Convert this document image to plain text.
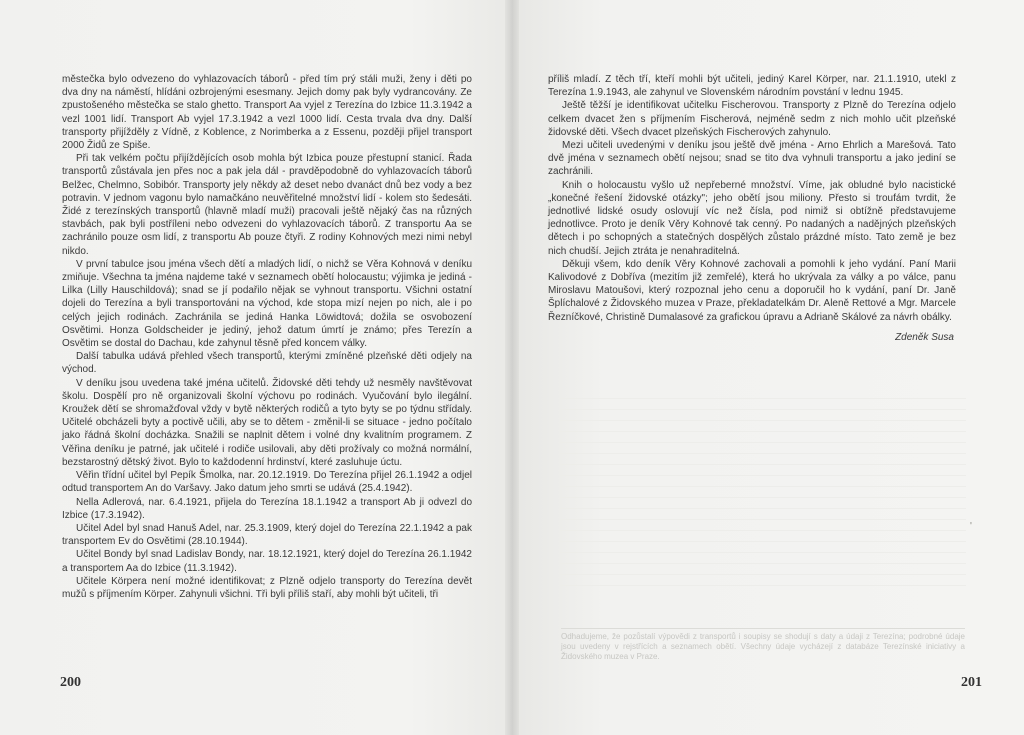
městečka bylo odvezeno do vyhlazovacích táborů - před tím prý stáli muži, ženy i děti po dva dny na náměstí, hlídáni ozbrojenými esesmany. Jejich domy pak byly vydrancovány. Ze zpustošeného městečka se stalo ghetto. Transport Aa vyjel z Terezína do Izbice 11.3.1942 a vezl 1001 lidí. Transport Ab vyjel 17.3.1942 a vezl 1000 lidí. Cesta trvala dva dny. Další transporty přijížděly z Vídně, z Koblence, z Norimberka a z Essenu, později přijel transport 2000 Židů ze Spiše.

Při tak velkém počtu přijíždějících osob mohla být Izbica pouze přestupní stanicí. Řada transportů zůstávala jen přes noc a pak jela dál - pravděpodobně do vyhlazovacích táborů Belžec, Chelmno, Sobibór. Transporty jely někdy až deset nebo dvanáct dnů bez vody a bez potravin. V jednom vagonu bylo namačkáno neuvěřitelné množství lidí - kolem sto šedesáti. Židé z terezínských transportů (hlavně mladí muži) pracovali ještě nějaký čas na různých stavbách, pak byli postříleni nebo odvezeni do vyhlazovacích táborů. Z transportu Aa se zachránilo pouze osm lidí, z transportu Ab pouze čtyři. Z rodiny Kohnových mezi nimi nebyl nikdo.

V první tabulce jsou jména všech dětí a mladých lidí, o nichž se Věra Kohnová v deníku zmiňuje. Všechna ta jména najdeme také v seznamech obětí holocaustu; výjimka je jediná - Lilka (Lilly Hauschildová); snad se jí podařilo nějak se vyhnout transportu. Všichni ostatní dojeli do Terezína a byli transportováni na východ, kde stopa mizí nejen po nich, ale i po celých jejich rodinách. Zachránila se jediná Hanka Löwidtová; dožila se osvobození Osvětimi. Honza Goldscheider je jediný, jehož datum úmrtí je známo; přes Terezín a Osvětim se dostal do Dachau, kde zahynul těsně před koncem války.

Další tabulka udává přehled všech transportů, kterými zmíněné plzeňské děti odjely na východ.

V deníku jsou uvedena také jména učitelů. Židovské děti tehdy už nesměly navštěvovat školu. Dospělí pro ně organizovali školní výchovu po rodinách. Vyučování bylo ilegální. Kroužek dětí se shromažďoval vždy v bytě některých rodičů a tyto byty se po týdnu střídaly. Učitelé obcházeli byty a poctivě učili, aby se to dětem - změnil-li se situace - jedno počítalo jako řádná školní docházka. Snažili se naplnit dětem i volné dny kvalitním programem. Z Věřina deníku je patrné, jak učitelé i rodiče usilovali, aby děti prožívaly co možná normální, bezstarostný dětský život. Bylo to každodenní hrdinství, které zasluhuje úctu.

Věřin třídní učitel byl Pepík Šmolka, nar. 20.12.1919. Do Terezína přijel 26.1.1942 a odjel odtud transportem An do Varšavy. Jako datum jeho smrti se udává (25.4.1942).

Nella Adlerová, nar. 6.4.1921, přijela do Terezína 18.1.1942 a transport Ab ji odvezl do Izbice (17.3.1942).

Učitel Adel byl snad Hanuš Adel, nar. 25.3.1909, který dojel do Terezína 22.1.1942 a pak transportem Ev do Osvětimi (28.10.1944).

Učitel Bondy byl snad Ladislav Bondy, nar. 18.12.1921, který dojel do Terezína 26.1.1942 a transportem Aa do Izbice (11.3.1942).

Učitele Körpera není možné identifikovat; z Plzně odjelo transporty do Terezína devět mužů s příjmením Körper. Zahynuli všichni. Tři byli příliš staří, aby mohli být učiteli, tři

příliš mladí. Z těch tří, kteří mohli být učiteli, jediný Karel Körper, nar. 21.1.1910, utekl z Terezína 1.9.1943, ale zahynul ve Slovenském národním povstání v lednu 1945.

Ještě těžší je identifikovat učitelku Fischerovou. Transporty z Plzně do Terezína odjelo celkem dvacet žen s příjmením Fischerová, nejméně sedm z nich mohlo učit plzeňské židovské děti. Všech dvacet plzeňských Fischerových zahynulo.

Mezi učiteli uvedenými v deníku jsou ještě dvě jména - Arno Ehrlich a Marešová. Tato dvě jména v seznamech obětí nejsou; snad se tito dva vyhnuli transportu a jako jediní se zachránili.

Knih o holocaustu vyšlo už nepřeberné množství. Víme, jak obludné bylo nacistické „konečné řešení židovské otázky"; jeho obětí jsou miliony. Přesto si troufám tvrdit, že jednotlivé lidské osudy oslovují víc než čísla, pod nimiž si obtížně představujeme jednotlivce. Proto je deník Věry Kohnové tak cenný. Po nadaných a nadějných plzeňských dětech i po schopných a statečných dospělých zůstalo prázdné místo. Tato země je bez nich chudší. Jejich ztráta je nenahraditelná.

Děkuji všem, kdo deník Věry Kohnové zachovali a pomohli k jeho vydání. Paní Marii Kalivodové z Dobříva (mezitím již zemřelé), která ho ukrývala za války a po válce, panu Miroslavu Matoušovi, který rozpoznal jeho cenu a doporučil ho k vydání, paní Dr. Janě Šplíchalové z Židovského muzea v Praze, překladatelkám Dr. Aleně Rettové a Mgr. Marcele Řezníčkové, Christině Dumalasové za grafickou úpravu a Adrianě Skálové za návrh obálky.

Zdeněk Susa
Odhadujeme, že pozůstalí výpovědi z transportů i soupisy se shodují s daty a údaji z Terezína; podrobné údaje jsou uvedeny v rejstřících a seznamech obětí. Všechny údaje vycházejí z databáze Terezínské iniciativy a Židovského muzea v Praze.
'
200	201
